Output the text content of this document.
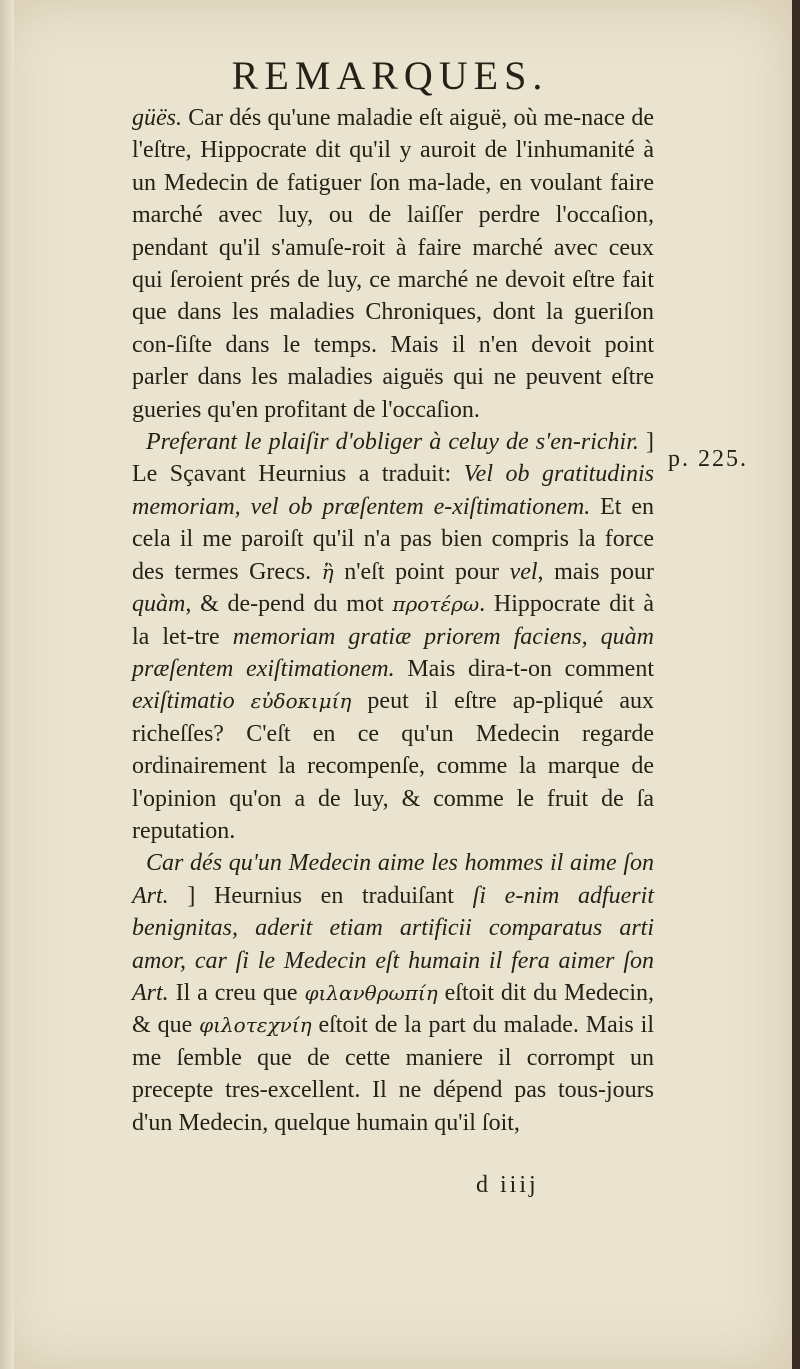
REMARQUES.

güës. Car dés qu'une maladie eſt aiguë, où me-nace de l'eſtre, Hippocrate dit qu'il y auroit de l'inhumanité à un Medecin de fatiguer ſon ma-lade, en voulant faire marché avec luy, ou de laiſſer perdre l'occaſion, pendant qu'il s'amuſe-roit à faire marché avec ceux qui ſeroient prés de luy, ce marché ne devoit eſtre fait que dans les maladies Chroniques, dont la gueriſon con-ſiſte dans le temps. Mais il n'en devoit point parler dans les maladies aiguës qui ne peuvent eſtre gueries qu'en profitant de l'occaſion.

Preferant le plaiſir d'obliger à celuy de s'en-richir. ] Le Sçavant Heurnius a traduit: Vel ob gratitudinis memoriam, vel ob præſentem e-xiſtimationem. Et en cela il me paroiſt qu'il n'a pas bien compris la force des termes Grecs. ἢ n'eſt point pour vel, mais pour quàm, & de-pend du mot προτέρω. Hippocrate dit à la let-tre memoriam gratiæ priorem faciens, quàm præſentem exiſtimationem. Mais dira-t-on comment exiſtimatio εὐδοκιμίη peut il eſtre ap-pliqué aux richeſſes? C'eſt en ce qu'un Medecin regarde ordinairement la recompenſe, comme la marque de l'opinion qu'on a de luy, & comme le fruit de ſa reputation.

Car dés qu'un Medecin aime les hommes il aime ſon Art. ] Heurnius en traduiſant ſi e-nim adfuerit benignitas, aderit etiam artificii comparatus arti amor, car ſi le Medecin eſt humain il fera aimer ſon Art. Il a creu que φιλανθρωπίη eſtoit dit du Medecin, & que φιλοτεχνίη eſtoit de la part du malade. Mais il me ſemble que de cette maniere il corrompt un precepte tres-excellent. Il ne dépend pas tous-jours d'un Medecin, quelque humain qu'il ſoit,

p. 225.
d iiij
